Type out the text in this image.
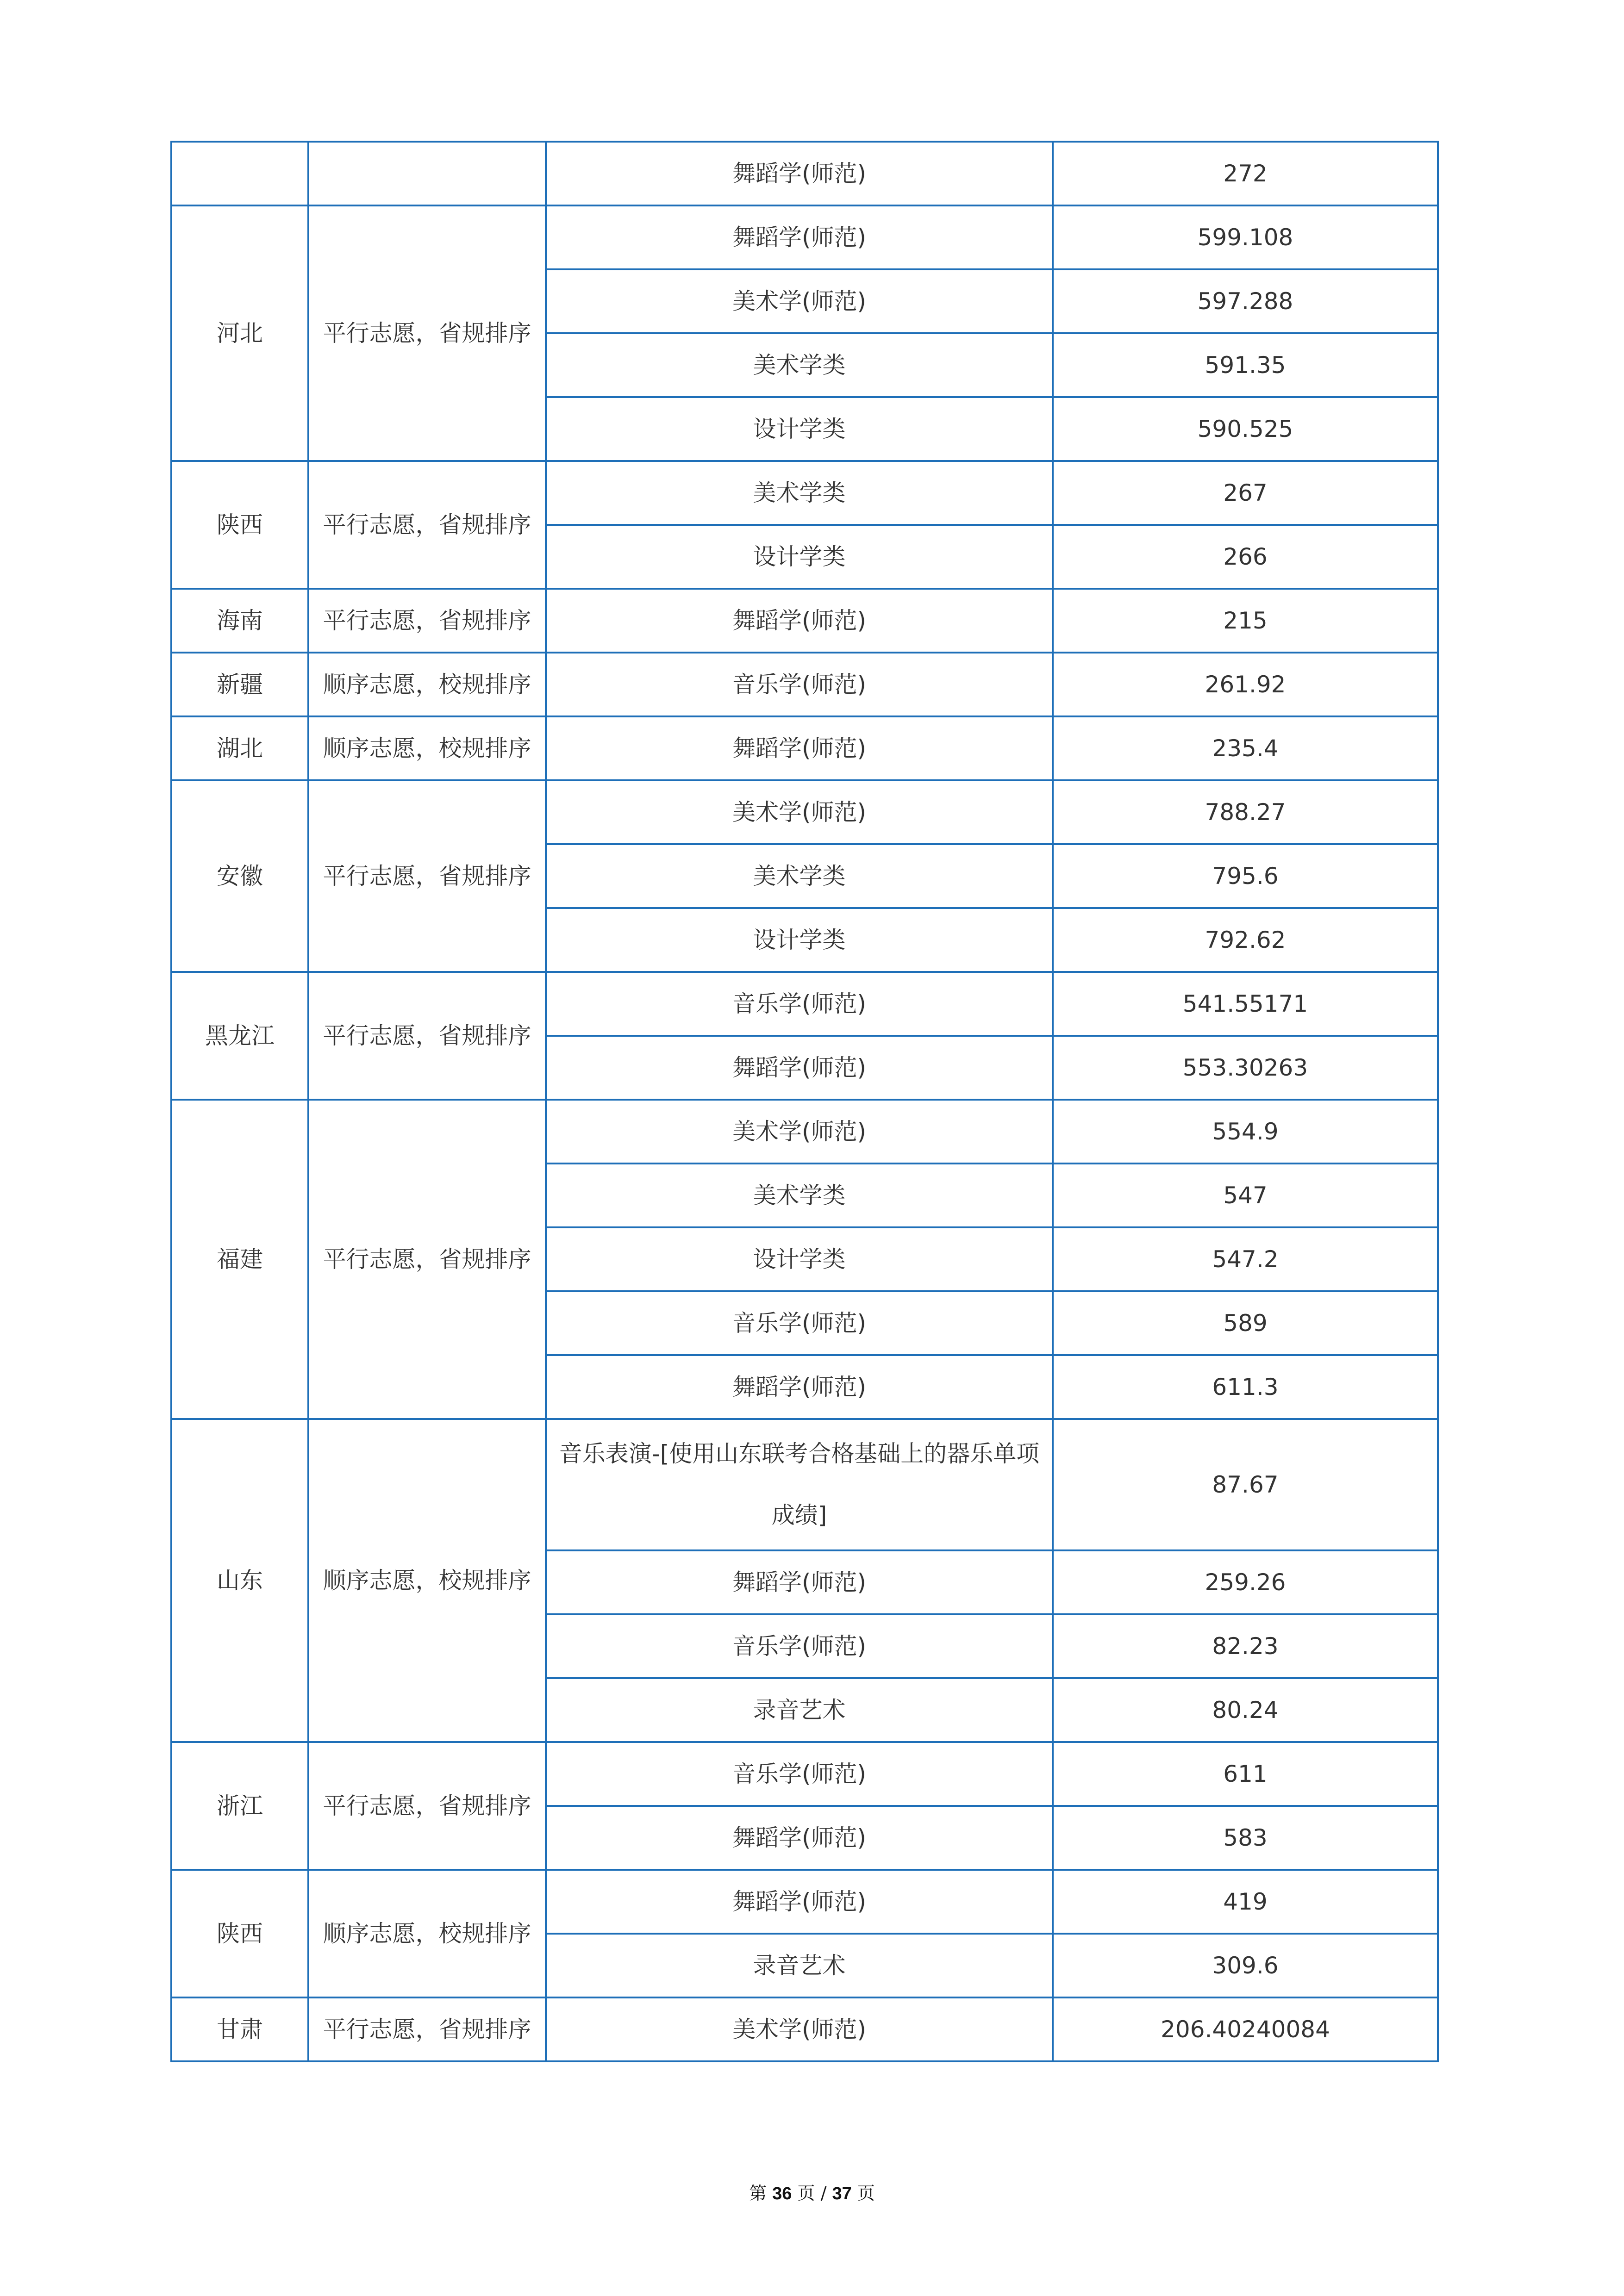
		舞蹈学(师范)	272
河北	平行志愿，省规排序	舞蹈学(师范)	599.108
		美术学(师范)	597.288
		美术学类	591.35
		设计学类	590.525
陕西	平行志愿，省规排序	美术学类	267
		设计学类	266
海南	平行志愿，省规排序	舞蹈学(师范)	215
新疆	顺序志愿，校规排序	音乐学(师范)	261.92
湖北	顺序志愿，校规排序	舞蹈学(师范)	235.4
安徽	平行志愿，省规排序	美术学(师范)	788.27
		美术学类	795.6
		设计学类	792.62
黑龙江	平行志愿，省规排序	音乐学(师范)	541.55171
		舞蹈学(师范)	553.30263
福建	平行志愿，省规排序	美术学(师范)	554.9
		美术学类	547
		设计学类	547.2
		音乐学(师范)	589
		舞蹈学(师范)	611.3
山东	顺序志愿，校规排序	音乐表演-[使用山东联考合格基础上的器乐单项成绩]	87.67
		舞蹈学(师范)	259.26
		音乐学(师范)	82.23
		录音艺术	80.24
浙江	平行志愿，省规排序	音乐学(师范)	611
		舞蹈学(师范)	583
陕西	顺序志愿，校规排序	舞蹈学(师范)	419
		录音艺术	309.6
甘肃	平行志愿，省规排序	美术学(师范)	206.40240084
第 36 页 / 37 页
